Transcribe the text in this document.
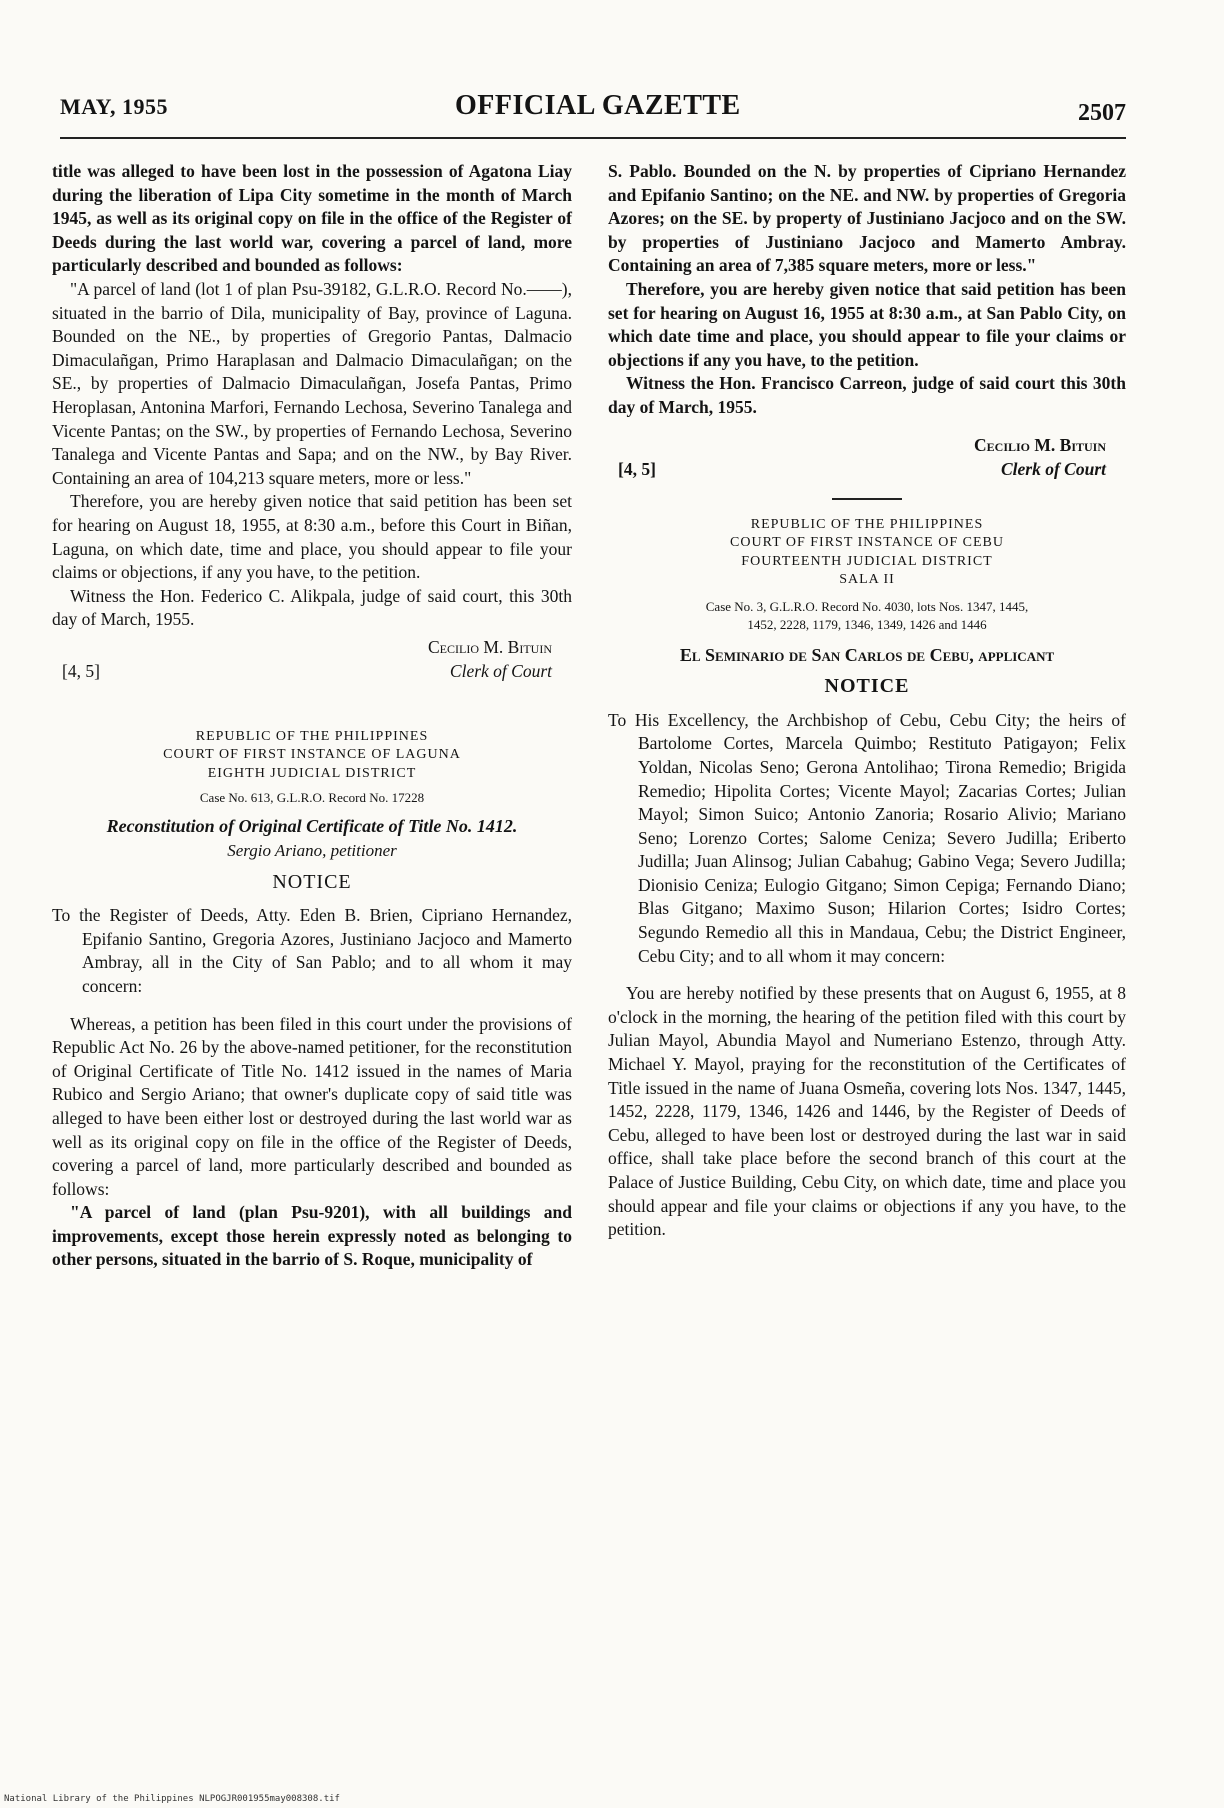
MAY, 1955	OFFICIAL GAZETTE	2507

title was alleged to have been lost in the possession of Agatona Liay during the liberation of Lipa City sometime in the month of March 1945, as well as its original copy on file in the office of the Register of Deeds during the last world war, covering a parcel of land, more particularly described and bounded as follows:

"A parcel of land (lot 1 of plan Psu-39182, G.L.R.O. Record No.——), situated in the barrio of Dila, municipality of Bay, province of Laguna. Bounded on the NE., by properties of Gregorio Pantas, Dalmacio Dimaculañgan, Primo Haraplasan and Dalmacio Dimaculañgan; on the SE., by properties of Dalmacio Dimaculañgan, Josefa Pantas, Primo Heroplasan, Antonina Marfori, Fernando Lechosa, Severino Tanalega and Vicente Pantas; on the SW., by properties of Fernando Lechosa, Severino Tanalega and Vicente Pantas and Sapa; and on the NW., by Bay River. Containing an area of 104,213 square meters, more or less."

Therefore, you are hereby given notice that said petition has been set for hearing on August 18, 1955, at 8:30 a.m., before this Court in Biñan, Laguna, on which date, time and place, you should appear to file your claims or objections, if any you have, to the petition.

Witness the Hon. Federico C. Alikpala, judge of said court, this 30th day of March, 1955.

Cecilio M. Bituin
[4, 5]	Clerk of Court

REPUBLIC OF THE PHILIPPINES

COURT OF FIRST INSTANCE OF LAGUNA

EIGHTH JUDICIAL DISTRICT

Case No. 613, G.L.R.O. Record No. 17228

Reconstitution of Original Certificate of Title No. 1412.

Sergio Ariano, petitioner

NOTICE

To the Register of Deeds, Atty. Eden B. Brien, Cipriano Hernandez, Epifanio Santino, Gregoria Azores, Justiniano Jacjoco and Mamerto Ambray, all in the City of San Pablo; and to all whom it may concern:

Whereas, a petition has been filed in this court under the provisions of Republic Act No. 26 by the above-named petitioner, for the reconstitution of Original Certificate of Title No. 1412 issued in the names of Maria Rubico and Sergio Ariano; that owner's duplicate copy of said title was alleged to have been either lost or destroyed during the last world war as well as its original copy on file in the office of the Register of Deeds, covering a parcel of land, more particularly described and bounded as follows:

"A parcel of land (plan Psu-9201), with all buildings and improvements, except those herein expressly noted as belonging to other persons, situated in the barrio of S. Roque, municipality of

S. Pablo. Bounded on the N. by properties of Cipriano Hernandez and Epifanio Santino; on the NE. and NW. by properties of Gregoria Azores; on the SE. by property of Justiniano Jacjoco and on the SW. by properties of Justiniano Jacjoco and Mamerto Ambray. Containing an area of 7,385 square meters, more or less."

Therefore, you are hereby given notice that said petition has been set for hearing on August 16, 1955 at 8:30 a.m., at San Pablo City, on which date time and place, you should appear to file your claims or objections if any you have, to the petition.

Witness the Hon. Francisco Carreon, judge of said court this 30th day of March, 1955.

Cecilio M. Bituin
[4, 5]	Clerk of Court

REPUBLIC OF THE PHILIPPINES

COURT OF FIRST INSTANCE OF CEBU

FOURTEENTH JUDICIAL DISTRICT

SALA II

Case No. 3, G.L.R.O. Record No. 4030, lots Nos. 1347, 1445,

1452, 2228, 1179, 1346, 1349, 1426 and 1446

El Seminario de San Carlos de Cebu, applicant

NOTICE

To His Excellency, the Archbishop of Cebu, Cebu City; the heirs of Bartolome Cortes, Marcela Quimbo; Restituto Patigayon; Felix Yoldan, Nicolas Seno; Gerona Antolihao; Tirona Remedio; Brigida Remedio; Hipolita Cortes; Vicente Mayol; Zacarias Cortes; Julian Mayol; Simon Suico; Antonio Zanoria; Rosario Alivio; Mariano Seno; Lorenzo Cortes; Salome Ceniza; Severo Judilla; Eriberto Judilla; Juan Alinsog; Julian Cabahug; Gabino Vega; Severo Judilla; Dionisio Ceniza; Eulogio Gitgano; Simon Cepiga; Fernando Diano; Blas Gitgano; Maximo Suson; Hilarion Cortes; Isidro Cortes; Segundo Remedio all this in Mandaua, Cebu; the District Engineer, Cebu City; and to all whom it may concern:

You are hereby notified by these presents that on August 6, 1955, at 8 o'clock in the morning, the hearing of the petition filed with this court by Julian Mayol, Abundia Mayol and Numeriano Estenzo, through Atty. Michael Y. Mayol, praying for the reconstitution of the Certificates of Title issued in the name of Juana Osmeña, covering lots Nos. 1347, 1445, 1452, 2228, 1179, 1346, 1426 and 1446, by the Register of Deeds of Cebu, alleged to have been lost or destroyed during the last war in said office, shall take place before the second branch of this court at the Palace of Justice Building, Cebu City, on which date, time and place you should appear and file your claims or objections if any you have, to the petition.

National Library of the Philippines NLPOGJR001955may008308.tif
